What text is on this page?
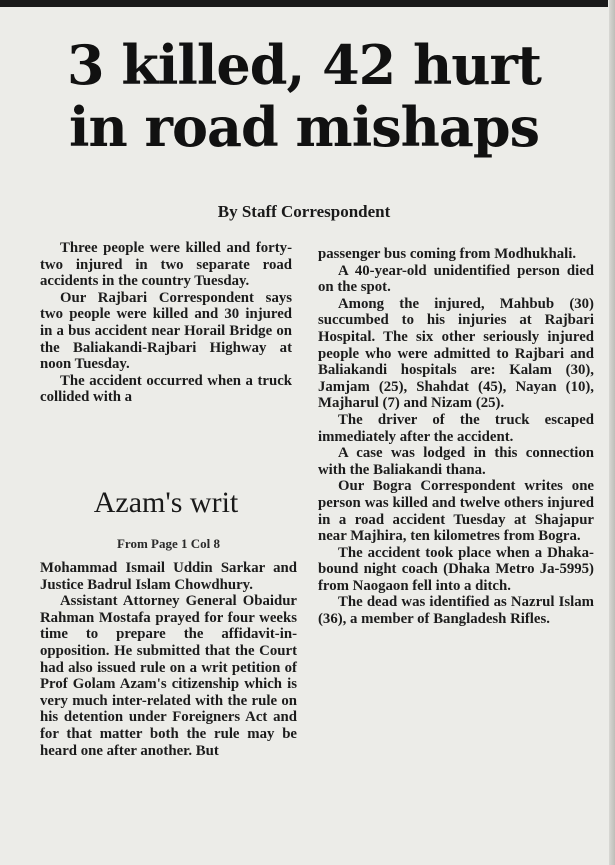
3 killed, 42 hurt
in road mishaps
By Staff Correspondent

Three people were killed and forty-two injured in two separate road accidents in the country Tuesday.

Our Rajbari Correspondent says two people were killed and 30 injured in a bus accident near Horail Bridge on the Baliakandi-Rajbari Highway at noon Tuesday.

The accident occurred when a truck collided with a

Azam's writ
From Page 1 Col 8

Mohammad Ismail Uddin Sarkar and Justice Badrul Islam Chowdhury.

Assistant Attorney General Obaidur Rahman Mostafa prayed for four weeks time to prepare the affidavit-in-opposition. He submitted that the Court had also issued rule on a writ petition of Prof Golam Azam's citizenship which is very much inter-related with the rule on his detention under Foreigners Act and for that matter both the rule may be heard one after another. But

passenger bus coming from Modhukhali.

A 40-year-old unidentified person died on the spot.

Among the injured, Mahbub (30) succumbed to his injuries at Rajbari Hospital. The six other seriously injured people who were admitted to Rajbari and Baliakandi hospitals are: Kalam (30), Jamjam (25), Shahdat (45), Nayan (10), Majharul (7) and Nizam (25).

The driver of the truck escaped immediately after the accident.

A case was lodged in this connection with the Baliakandi thana.

Our Bogra Correspondent writes one person was killed and twelve others injured in a road accident Tuesday at Shajapur near Majhira, ten kilometres from Bogra.

The accident took place when a Dhaka-bound night coach (Dhaka Metro Ja-5995) from Naogaon fell into a ditch.

The dead was identified as Nazrul Islam (36), a member of Bangladesh Rifles.
